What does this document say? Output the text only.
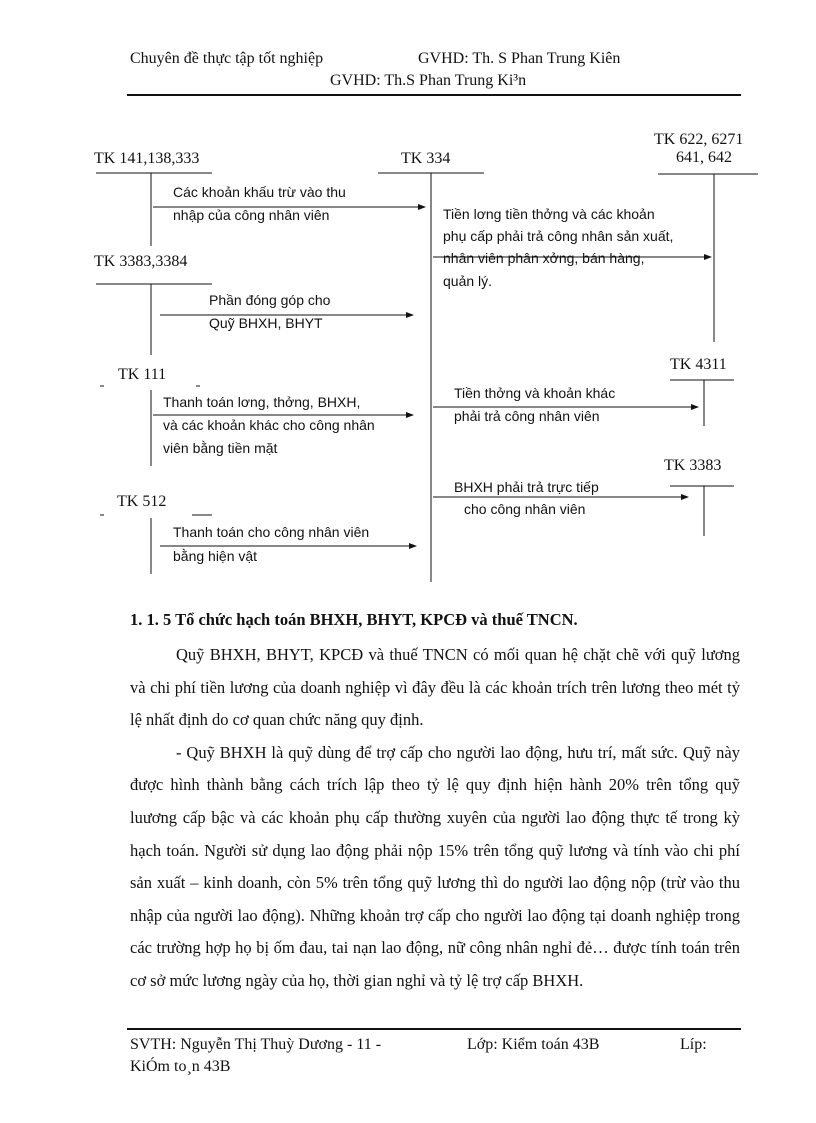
Chuyên đề thực tập tốt nghiệp	GVHD: Th. S Phan Trung Kiên
GVHD: Th.S Phan Trung Ki³n
TK 141,138,333	TK 334
TK 622, 6271
641, 642
TK 3383,3384
TK 111
TK 4311
TK 3383
TK 512
Các khoản khấu trừ vào thu
nhập của công nhân viên	Tiền lơng tiền thởng và các khoản
phụ cấp phải trả công nhân sản xuất,
nhân viên phân xởng, bán hàng,
quản lý.
Phần đóng góp cho
Quỹ BHXH, BHYT
Thanh toán lơng, thởng, BHXH,
và các khoản khác cho công nhân
viên bằng tiền mặt
Tiền thởng và khoản khác
phải trả công nhân viên
BHXH phải trả trực tiếp
cho công nhân viên
Thanh toán cho công nhân viên
bằng hiện vật

1. 1. 5 Tổ chức hạch toán BHXH, BHYT, KPCĐ và thuế TNCN.

Quỹ BHXH, BHYT, KPCĐ và thuế TNCN có mối quan hệ chặt chẽ với quỹ lương và chi phí tiền lương của doanh nghiệp vì đây đều là các khoản trích trên lương theo mét tỷ lệ nhất định do cơ quan chức năng quy định.

- Quỹ BHXH là quỹ dùng để trợ cấp cho người lao động, hưu trí, mất sức. Quỹ này được hình thành bằng cách trích lập theo tỷ lệ quy định hiện hành 20% trên tổng quỹ luương cấp bậc và các khoản phụ cấp thường xuyên của người lao động thực tế trong kỳ hạch toán. Người sử dụng lao động phải nộp 15% trên tổng quỹ lương và tính vào chi phí sản xuất – kinh doanh, còn 5% trên tổng quỹ lương thì do người lao động nộp (trừ vào thu nhập của người lao động). Những khoản trợ cấp cho người lao động tại doanh nghiệp trong các trường hợp họ bị ốm đau, tai nạn lao động, nữ công nhân nghỉ đẻ… được tính toán trên cơ sở mức lương ngày của họ, thời gian nghỉ và tỷ lệ trợ cấp BHXH.

SVTH: Nguyễn Thị Thuỳ Dương - 11 -	Lớp: Kiểm toán 43B	Líp:
KiÓm to¸n 43B
